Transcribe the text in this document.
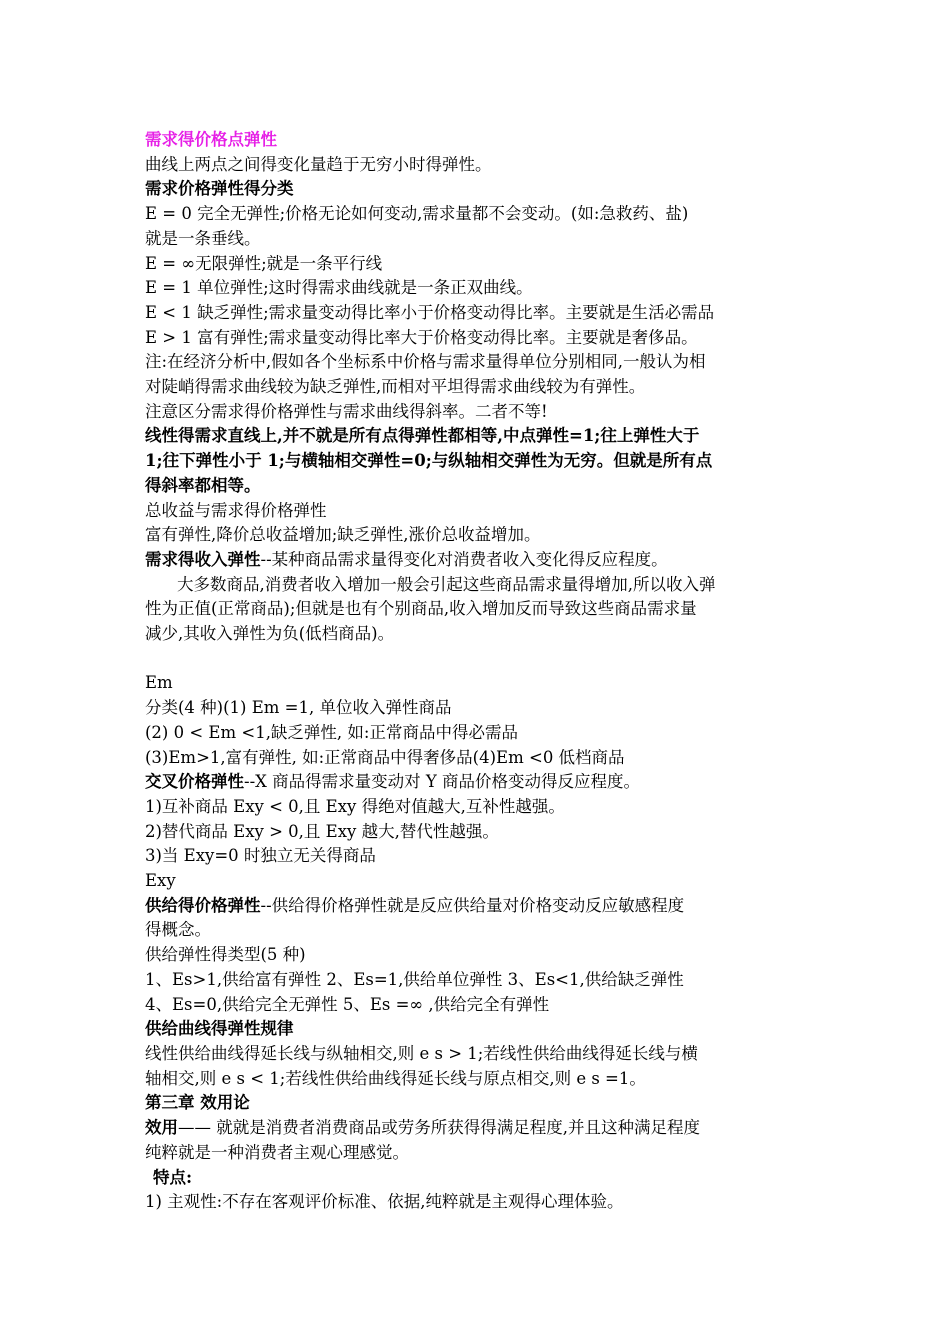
需求得价格点弹性
曲线上两点之间得变化量趋于无穷小时得弹性。
需求价格弹性得分类
E = 0 完全无弹性;价格无论如何变动,需求量都不会变动。(如:急救药、盐)
就是一条垂线。
E = ∞无限弹性;就是一条平行线
E = 1 单位弹性;这时得需求曲线就是一条正双曲线。
E < 1 缺乏弹性;需求量变动得比率小于价格变动得比率。主要就是生活必需品
E > 1 富有弹性;需求量变动得比率大于价格变动得比率。主要就是奢侈品。
注:在经济分析中,假如各个坐标系中价格与需求量得单位分别相同,一般认为相
对陡峭得需求曲线较为缺乏弹性,而相对平坦得需求曲线较为有弹性。
注意区分需求得价格弹性与需求曲线得斜率。二者不等!
线性得需求直线上,并不就是所有点得弹性都相等,中点弹性=1;往上弹性大于
1;往下弹性小于 1;与横轴相交弹性=0;与纵轴相交弹性为无穷。但就是所有点
得斜率都相等。
总收益与需求得价格弹性
富有弹性,降价总收益增加;缺乏弹性,涨价总收益增加。
需求得收入弹性--某种商品需求量得变化对消费者收入变化得反应程度。
大多数商品,消费者收入增加一般会引起这些商品需求量得增加,所以收入弹
性为正值(正常商品);但就是也有个别商品,收入增加反而导致这些商品需求量
减少,其收入弹性为负(低档商品)。
Em
分类(4 种)(1) Em =1, 单位收入弹性商品
(2) 0 < Em <1,缺乏弹性, 如:正常商品中得必需品
(3)Em>1,富有弹性, 如:正常商品中得奢侈品(4)Em <0 低档商品
交叉价格弹性--X 商品得需求量变动对 Y 商品价格变动得反应程度。
1)互补商品 Exy < 0,且 Exy 得绝对值越大,互补性越强。
2)替代商品 Exy > 0,且 Exy 越大,替代性越强。
3)当 Exy=0 时独立无关得商品
Exy
供给得价格弹性--供给得价格弹性就是反应供给量对价格变动反应敏感程度
得概念。
供给弹性得类型(5 种)
1、Es>1,供给富有弹性 2、Es=1,供给单位弹性 3、Es<1,供给缺乏弹性
4、Es=0,供给完全无弹性 5、Es =∞ ,供给完全有弹性
供给曲线得弹性规律
线性供给曲线得延长线与纵轴相交,则 e s > 1;若线性供给曲线得延长线与横
轴相交,则 e s < 1;若线性供给曲线得延长线与原点相交,则 e s =1。
第三章 效用论
效用—— 就就是消费者消费商品或劳务所获得得满足程度,并且这种满足程度
纯粹就是一种消费者主观心理感觉。
特点:
1) 主观性:不存在客观评价标准、依据,纯粹就是主观得心理体验。
